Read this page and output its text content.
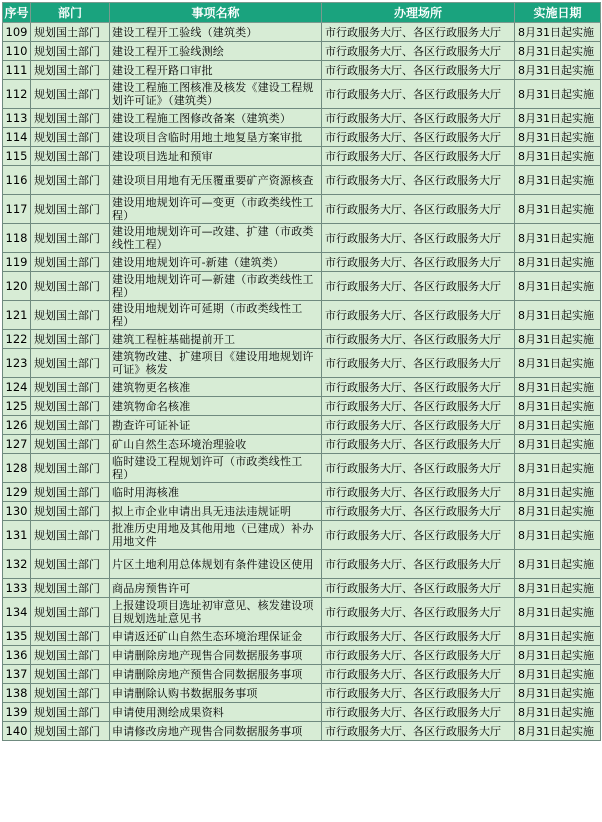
序号	部门	事项名称	办理场所	实施日期
109	规划国土部门	建设工程开工验线（建筑类）	市行政服务大厅、各区行政服务大厅	8月31日起实施
110	规划国土部门	建设工程开工验线测绘	市行政服务大厅、各区行政服务大厅	8月31日起实施
111	规划国土部门	建设工程开路口审批	市行政服务大厅、各区行政服务大厅	8月31日起实施
112	规划国土部门	建设工程施工图核准及核发《建设工程规划许可证》（建筑类）	市行政服务大厅、各区行政服务大厅	8月31日起实施
113	规划国土部门	建设工程施工图修改备案（建筑类）	市行政服务大厅、各区行政服务大厅	8月31日起实施
114	规划国土部门	建设项目含临时用地土地复垦方案审批	市行政服务大厅、各区行政服务大厅	8月31日起实施
115	规划国土部门	建设项目选址和预审	市行政服务大厅、各区行政服务大厅	8月31日起实施
116	规划国土部门	建设项目用地有无压覆重要矿产资源核查	市行政服务大厅、各区行政服务大厅	8月31日起实施
117	规划国土部门	建设用地规划许可—变更（市政类线性工程）	市行政服务大厅、各区行政服务大厅	8月31日起实施
118	规划国土部门	建设用地规划许可—改建、扩建（市政类线性工程）	市行政服务大厅、各区行政服务大厅	8月31日起实施
119	规划国土部门	建设用地规划许可-新建（建筑类）	市行政服务大厅、各区行政服务大厅	8月31日起实施
120	规划国土部门	建设用地规划许可—新建（市政类线性工程）	市行政服务大厅、各区行政服务大厅	8月31日起实施
121	规划国土部门	建设用地规划许可延期（市政类线性工程）	市行政服务大厅、各区行政服务大厅	8月31日起实施
122	规划国土部门	建筑工程桩基础提前开工	市行政服务大厅、各区行政服务大厅	8月31日起实施
123	规划国土部门	建筑物改建、扩建项目《建设用地规划许可证》核发	市行政服务大厅、各区行政服务大厅	8月31日起实施
124	规划国土部门	建筑物更名核准	市行政服务大厅、各区行政服务大厅	8月31日起实施
125	规划国土部门	建筑物命名核准	市行政服务大厅、各区行政服务大厅	8月31日起实施
126	规划国土部门	勘查许可证补证	市行政服务大厅、各区行政服务大厅	8月31日起实施
127	规划国土部门	矿山自然生态环境治理验收	市行政服务大厅、各区行政服务大厅	8月31日起实施
128	规划国土部门	临时建设工程规划许可（市政类线性工程）	市行政服务大厅、各区行政服务大厅	8月31日起实施
129	规划国土部门	临时用海核准	市行政服务大厅、各区行政服务大厅	8月31日起实施
130	规划国土部门	拟上市企业申请出具无违法违规证明	市行政服务大厅、各区行政服务大厅	8月31日起实施
131	规划国土部门	批准历史用地及其他用地（已建成）补办用地文件	市行政服务大厅、各区行政服务大厅	8月31日起实施
132	规划国土部门	片区土地利用总体规划有条件建设区使用	市行政服务大厅、各区行政服务大厅	8月31日起实施
133	规划国土部门	商品房预售许可	市行政服务大厅、各区行政服务大厅	8月31日起实施
134	规划国土部门	上报建设项目选址初审意见、核发建设项目规划选址意见书	市行政服务大厅、各区行政服务大厅	8月31日起实施
135	规划国土部门	申请返还矿山自然生态环境治理保证金	市行政服务大厅、各区行政服务大厅	8月31日起实施
136	规划国土部门	申请删除房地产现售合同数据服务事项	市行政服务大厅、各区行政服务大厅	8月31日起实施
137	规划国土部门	申请删除房地产预售合同数据服务事项	市行政服务大厅、各区行政服务大厅	8月31日起实施
138	规划国土部门	申请删除认购书数据服务事项	市行政服务大厅、各区行政服务大厅	8月31日起实施
139	规划国土部门	申请使用测绘成果资料	市行政服务大厅、各区行政服务大厅	8月31日起实施
140	规划国土部门	申请修改房地产现售合同数据服务事项	市行政服务大厅、各区行政服务大厅	8月31日起实施
